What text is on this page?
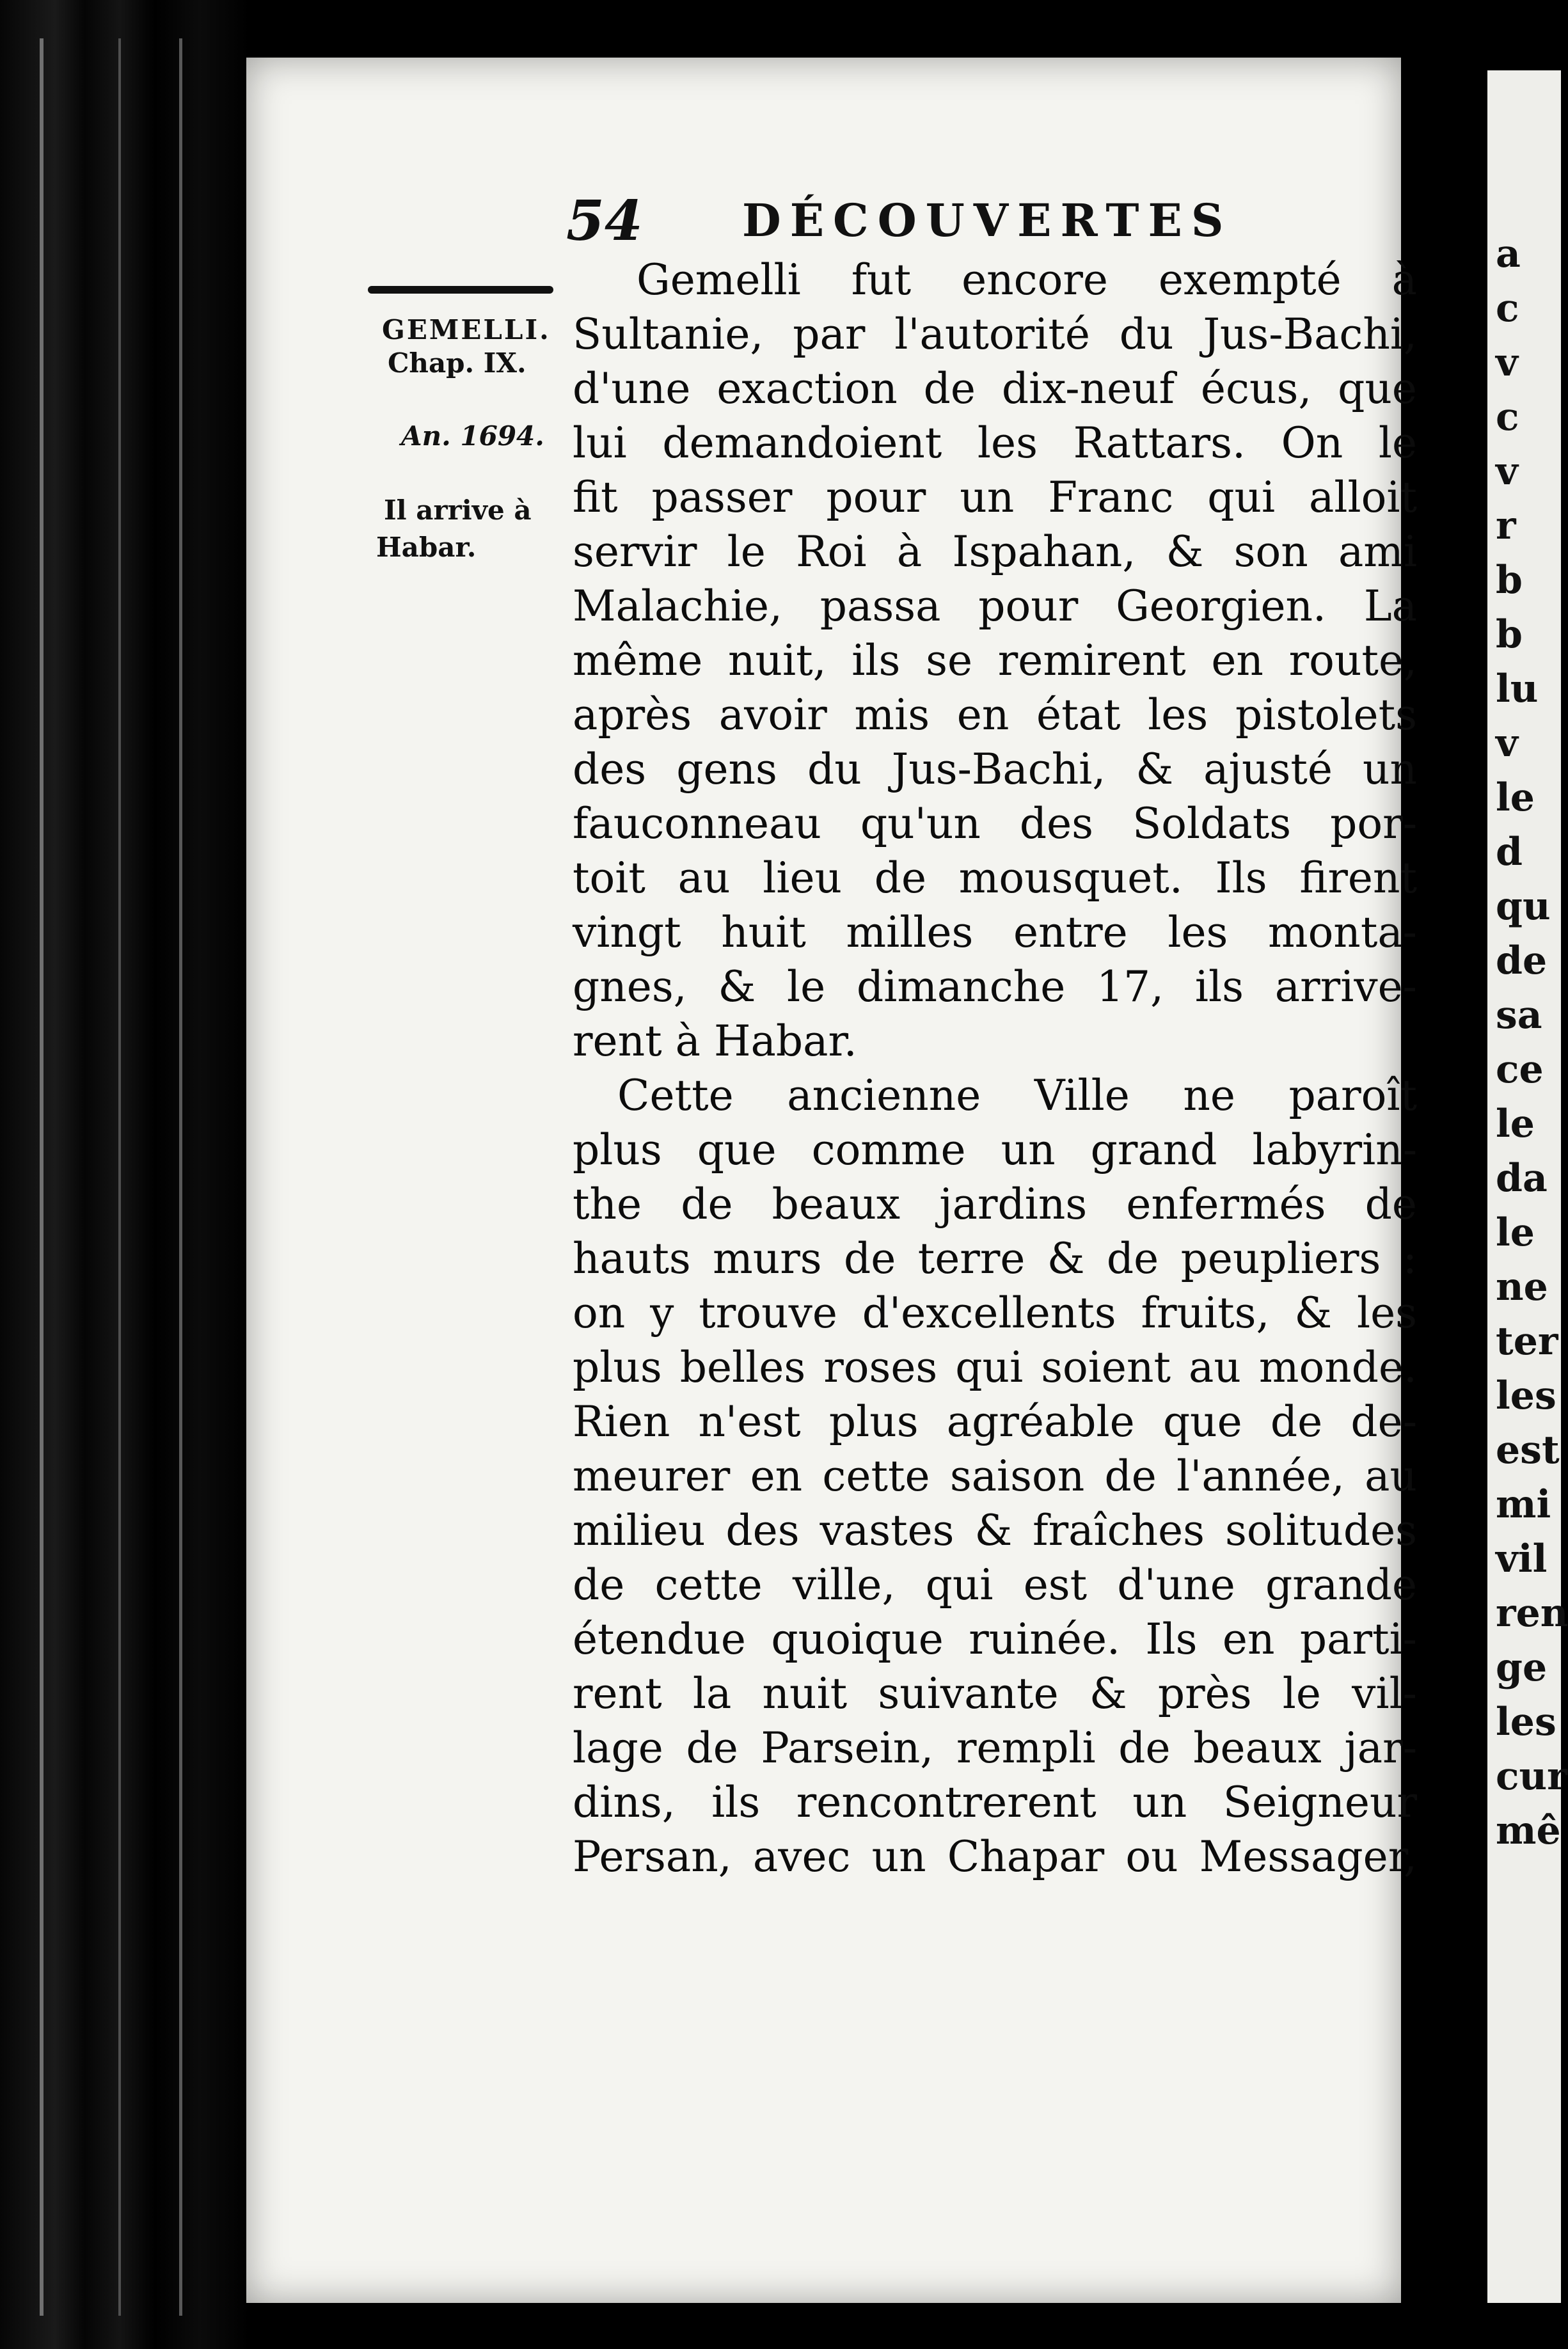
a
c
v
c
v
r
b
b
lu
v
le
d
qu
de
sa
ce
le
da
le
ne
ter
les
est
mi
vil
ren
ge
les
cur
mê
54 DÉCOUVERTES
GEMELLI.
Chap. IX.
An. 1694.
Il arrive à
Habar.
Gemelli fut encore exempté à
Sultanie, par l'autorité du Jus-Bachi,
d'une exaction de dix-neuf écus, que
lui demandoient les Rattars. On le
fit passer pour un Franc qui alloit
servir le Roi à Ispahan, & son ami
Malachie, passa pour Georgien. La
même nuit, ils se remirent en route,
après avoir mis en état les pistolets
des gens du Jus-Bachi, & ajusté un
fauconneau qu'un des Soldats por-
toit au lieu de mousquet. Ils firent
vingt huit milles entre les monta-
gnes, & le dimanche 17, ils arrive-
rent à Habar.
Cette ancienne Ville ne paroît
plus que comme un grand labyrin-
the de beaux jardins enfermés de
hauts murs de terre & de peupliers :
on y trouve d'excellents fruits, & les
plus belles roses qui soient au monde.
Rien n'est plus agréable que de de-
meurer en cette saison de l'année, au
milieu des vastes & fraîches solitudes
de cette ville, qui est d'une grande
étendue quoique ruinée. Ils en parti-
rent la nuit suivante & près le vil-
lage de Parsein, rempli de beaux jar-
dins, ils rencontrerent un Seigneur
Persan, avec un Chapar ou Messager,
